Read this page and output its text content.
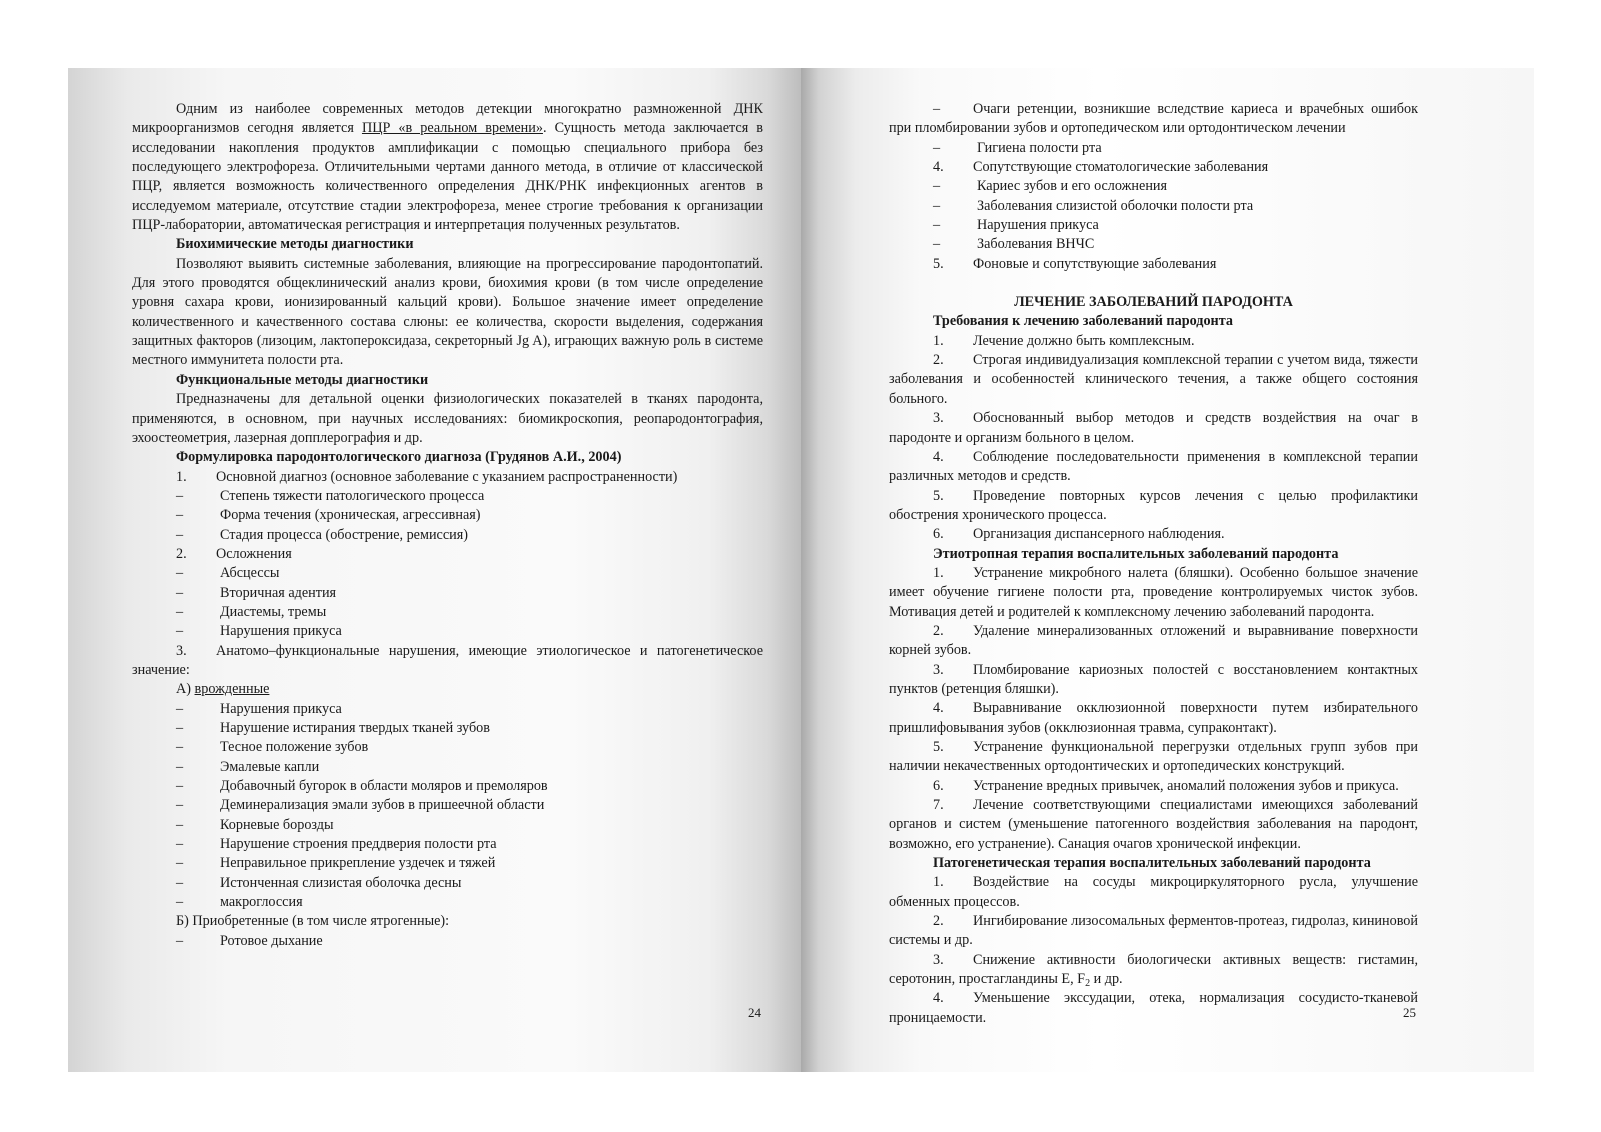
Одним из наиболее современных методов детекции многократно размноженной ДНК микроорганизмов сегодня является ПЦР «в реальном времени». Сущность метода заключается в исследовании накопления продуктов амплификации с помощью специального прибора без последующего электрофореза. Отличительными чертами данного метода, в отличие от классической ПЦР, является возможность количественного определения ДНК/РНК инфекционных агентов в исследуемом материале, отсутствие стадии электрофореза, менее строгие требования к организации ПЦР-лаборатории, автоматическая регистрация и интерпретация полученных результатов.

Биохимические методы диагностики

Позволяют выявить системные заболевания, влияющие на прогрессирование пародонтопатий. Для этого проводятся общеклинический анализ крови, биохимия крови (в том числе определение уровня сахара крови, ионизированный кальций крови). Большое значение имеет определение количественного и качественного состава слюны: ее количества, скорости выделения, содержания защитных факторов (лизоцим, лактопероксидаза, секреторный Jg A), играющих важную роль в системе местного иммунитета полости рта.

Функциональные методы диагностики

Предназначены для детальной оценки физиологических показателей в тканях пародонта, применяются, в основном, при научных исследованиях: биомикроскопия, реопародонтография, эхоостеометрия, лазерная допплерография и др.

Формулировка пародонтологического диагноза (Грудянов А.И., 2004)

1. Основной диагноз (основное заболевание с указанием распространенности)

–	Степень тяжести патологического процесса
–	Форма течения (хроническая, агрессивная)
–	Стадия процесса (обострение, ремиссия)

2. Осложнения

–	Абсцессы
–	Вторичная адентия
–	Диастемы, тремы
–	Нарушения прикуса

3. Анатомо–функциональные нарушения, имеющие этиологическое и патогенетическое значение:

А) врожденные

–	Нарушения прикуса
–	Нарушение истирания твердых тканей зубов
–	Тесное положение зубов
–	Эмалевые капли
–	Добавочный бугорок в области моляров и премоляров
–	Деминерализация эмали зубов в пришеечной области
–	Корневые борозды
–	Нарушение строения преддверия полости рта
–	Неправильное прикрепление уздечек и тяжей
–	Истонченная слизистая оболочка десны
–	макроглоссия

Б) Приобретенные (в том числе ятрогенные):

–	Ротовое дыхание
24

– Очаги ретенции, возникшие вследствие кариеса и врачебных ошибок при пломбировании зубов и ортопедическом или ортодонтическом лечении

–	Гигиена полости рта

4. Сопутствующие стоматологические заболевания

–	Кариес зубов и его осложнения
–	Заболевания слизистой оболочки полости рта
–	Нарушения прикуса
–	Заболевания ВНЧС

5. Фоновые и сопутствующие заболевания

ЛЕЧЕНИЕ ЗАБОЛЕВАНИЙ ПАРОДОНТА

Требования к лечению заболеваний пародонта

1. Лечение должно быть комплексным.

2. Строгая индивидуализация комплексной терапии с учетом вида, тяжести заболевания и особенностей клинического течения, а также общего состояния больного.

3. Обоснованный выбор методов и средств воздействия на очаг в пародонте и организм больного в целом.

4. Соблюдение последовательности применения в комплексной терапии различных методов и средств.

5. Проведение повторных курсов лечения с целью профилактики обострения хронического процесса.

6. Организация диспансерного наблюдения.

Этиотропная терапия воспалительных заболеваний пародонта

1. Устранение микробного налета (бляшки). Особенно большое значение имеет обучение гигиене полости рта, проведение контролируемых чисток зубов. Мотивация детей и родителей к комплексному лечению заболеваний пародонта.

2. Удаление минерализованных отложений и выравнивание поверхности корней зубов.

3. Пломбирование кариозных полостей с восстановлением контактных пунктов (ретенция бляшки).

4. Выравнивание окклюзионной поверхности путем избирательного пришлифовывания зубов (окклюзионная травма, супраконтакт).

5. Устранение функциональной перегрузки отдельных групп зубов при наличии некачественных ортодонтических и ортопедических конструкций.

6. Устранение вредных привычек, аномалий положения зубов и прикуса.

7. Лечение соответствующими специалистами имеющихся заболеваний органов и систем (уменьшение патогенного воздействия заболевания на пародонт, возможно, его устранение). Санация очагов хронической инфекции.

Патогенетическая терапия воспалительных заболеваний пародонта

1. Воздействие на сосуды микроциркуляторного русла, улучшение обменных процессов.

2. Ингибирование лизосомальных ферментов-протеаз, гидролаз, кининовой системы и др.

3. Снижение активности биологически активных веществ: гистамин, серотонин, простагландины Е, $F_2$ и др.

4. Уменьшение экссудации, отека, нормализация сосудисто-тканевой проницаемости.	25
